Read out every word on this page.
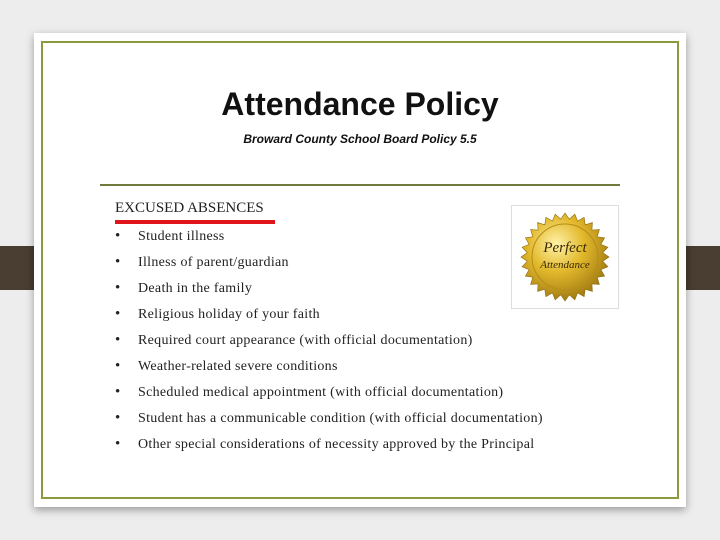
Attendance Policy
Broward County School Board Policy 5.5
EXCUSED ABSENCES
• Student illness
• Illness of parent/guardian
• Death in the family
• Religious holiday of your faith
• Required court appearance (with official documentation)
• Weather-related severe conditions
• Scheduled medical appointment (with official documentation)
• Student has a communicable condition (with official documentation)
• Other special considerations of necessity approved by the Principal
Perfect
Attendance
